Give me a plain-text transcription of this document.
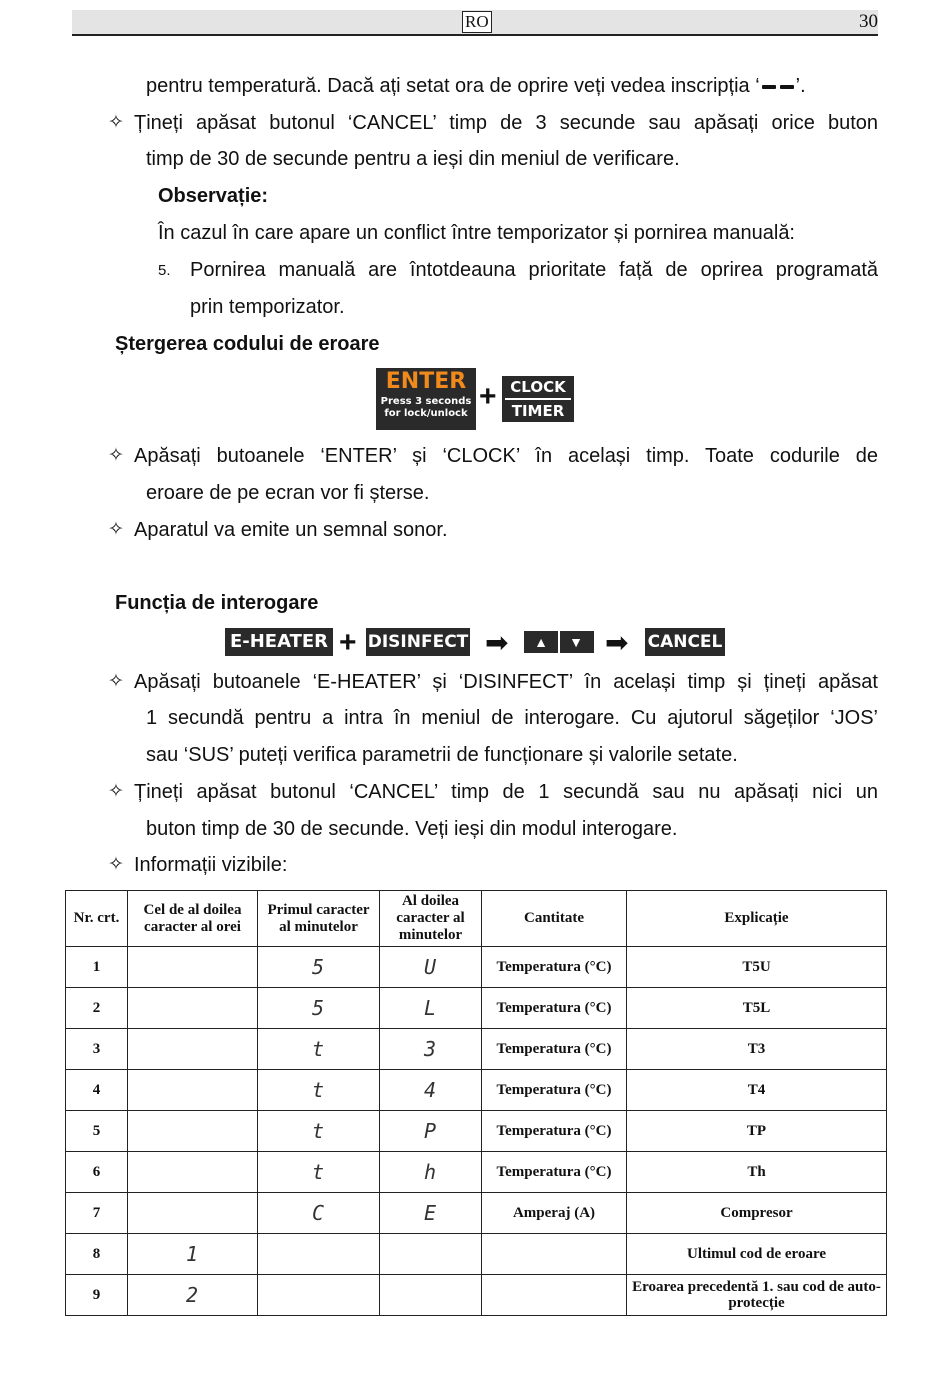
RO	30
pentru temperatură. Dacă ați setat ora de oprire veți vedea inscripția ‘ ’.
✧ Țineți apăsat butonul ‘CANCEL’ timp de 3 secunde sau apăsați orice buton
timp de 30 de secunde pentru a ieși din meniul de verificare.
Observație:
În cazul în care apare un conflict între temporizator și pornirea manuală:
5. Pornirea manuală are întotdeauna prioritate față de oprirea programată
prin temporizator.
Ștergerea codului de eroare
ENTER
Press 3 seconds
for lock/unlock
+ CLOCK
TIMER
✧ Apăsați butoanele ‘ENTER’ și ‘CLOCK’ în același timp. Toate codurile de
eroare de pe ecran vor fi șterse.
✧ Aparatul va emite un semnal sonor.
Funcția de interogare
E-HEATER + DISINFECT ➡	▲ ▼ ➡ CANCEL
✧ Apăsați butoanele ‘E-HEATER’ și ‘DISINFECT’ în același timp și țineți apăsat
1 secundă pentru a intra în meniul de interogare. Cu ajutorul săgeților ‘JOS’
sau ‘SUS’ puteți verifica parametrii de funcționare și valorile setate.
✧ Țineți apăsat butonul ‘CANCEL’ timp de 1 secundă sau nu apăsați nici un
buton timp de 30 de secunde. Veți ieși din modul interogare.
✧ Informații vizibile:
Nr. crt.	Cel de al doilea caracter al orei	Primul caracter al minutelor	Al doilea caracter al minutelor	Cantitate	Explicație
1		5	U	Temperatura (°C)	T5U
2		5	L	Temperatura (°C)	T5L
3		t	3	Temperatura (°C)	T3
4		t	4	Temperatura (°C)	T4
5		t	P	Temperatura (°C)	TP
6		t	h	Temperatura (°C)	Th
7		C	E	Amperaj (A)	Compresor
8	1				Ultimul cod de eroare
9	2				Eroarea precedentă 1. sau cod de auto-protecție
